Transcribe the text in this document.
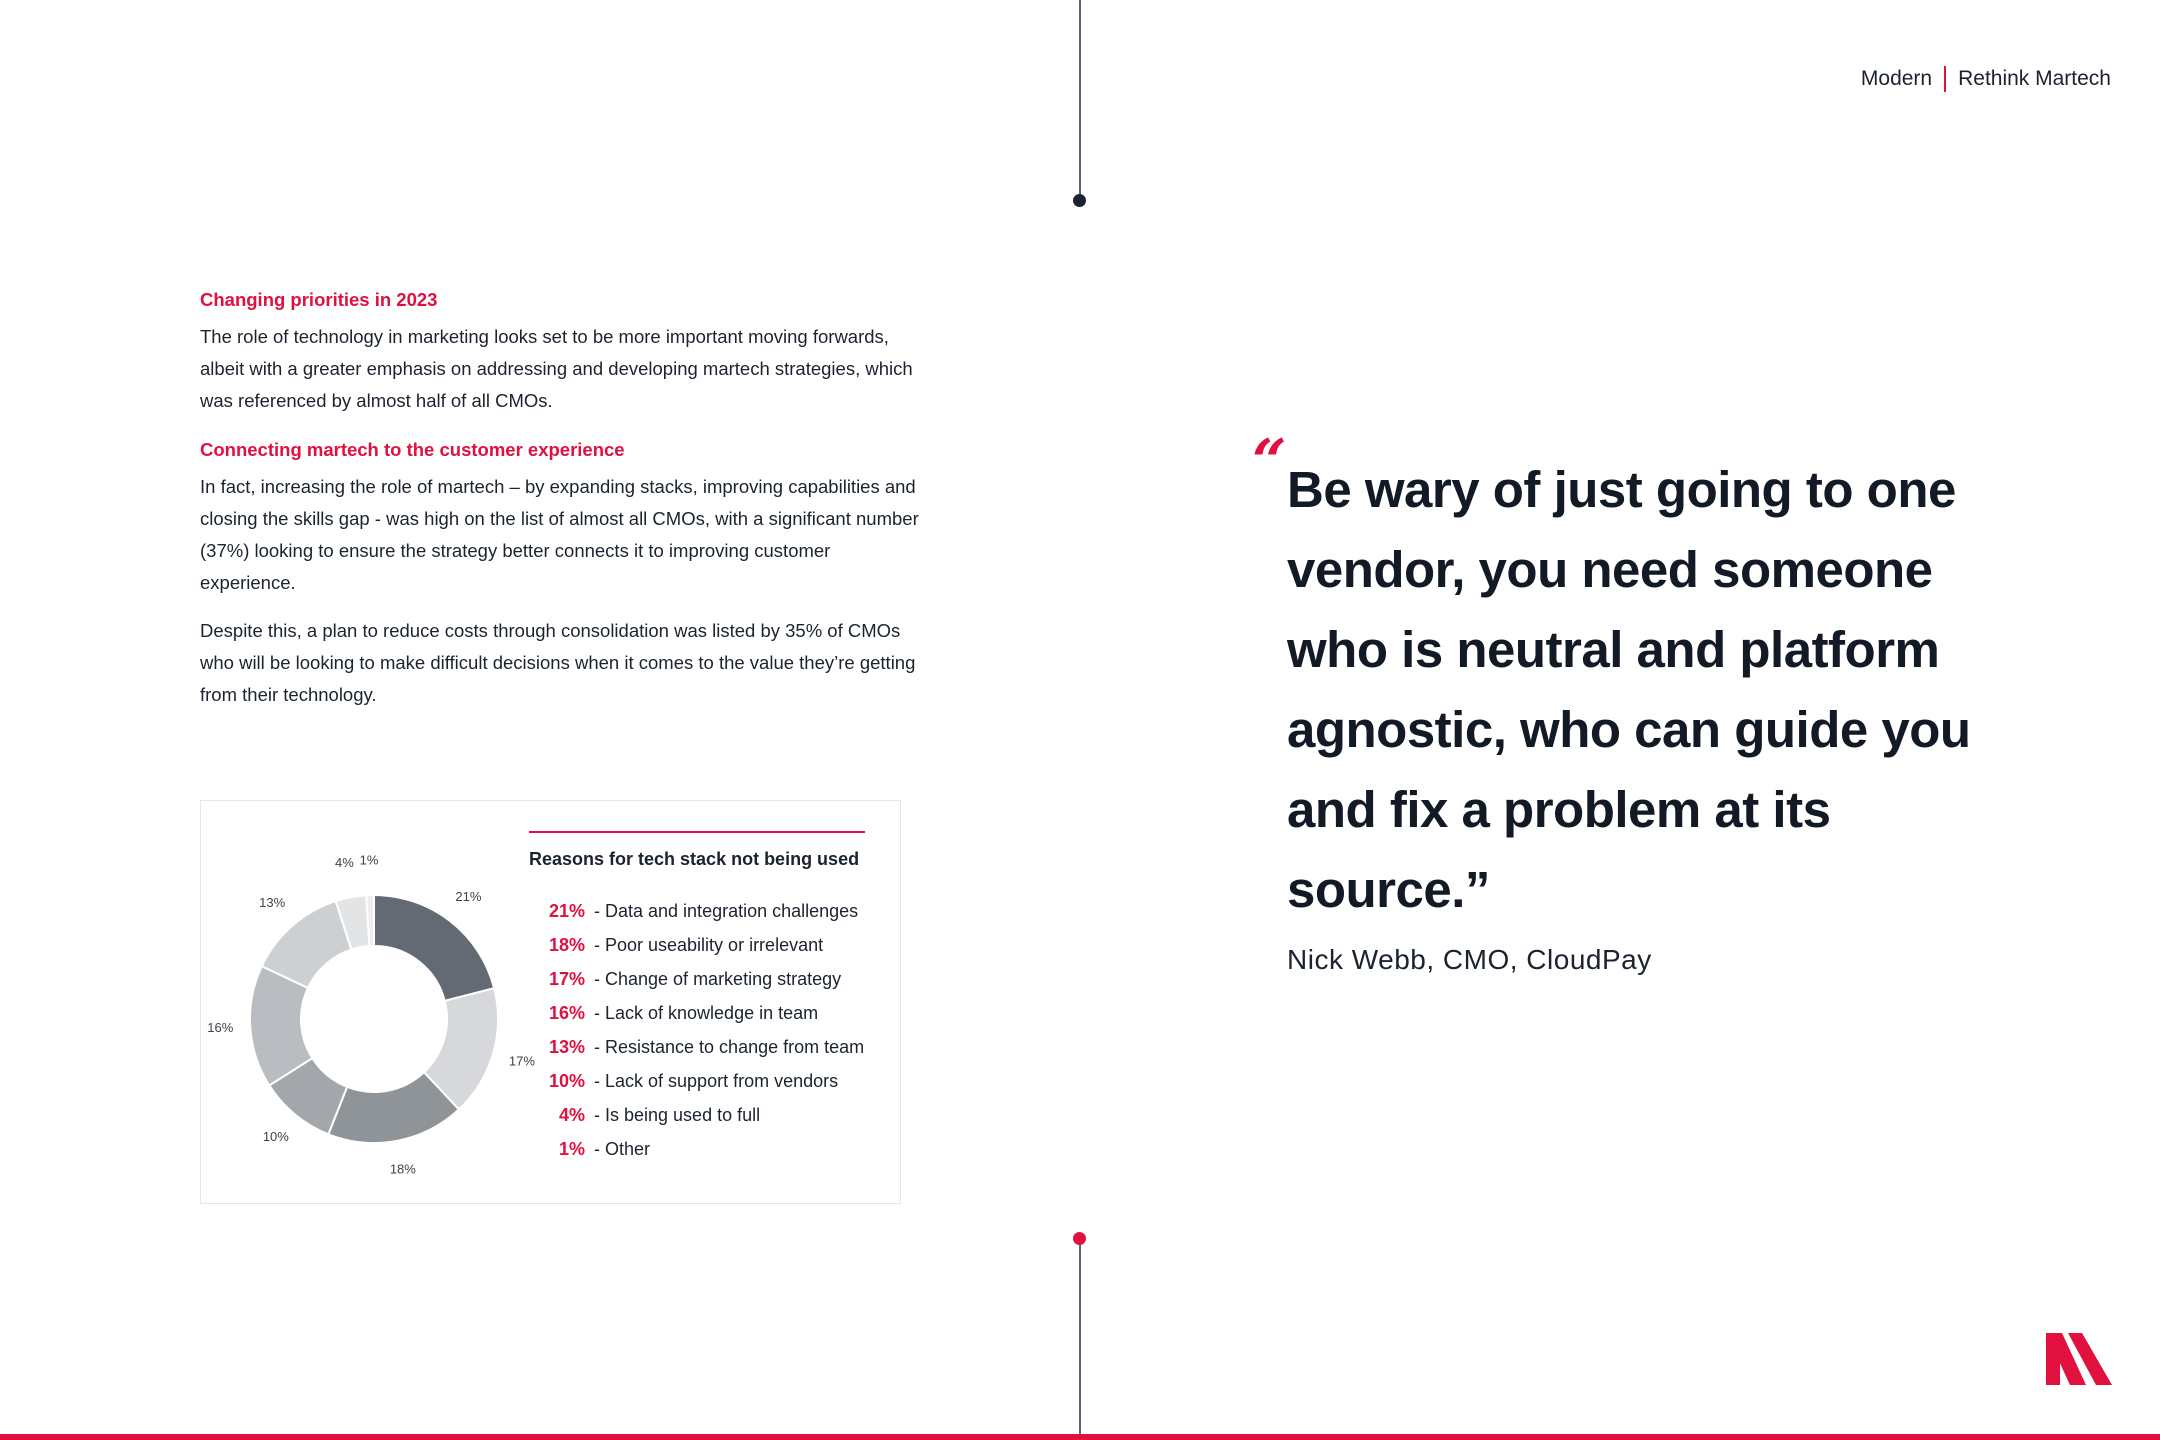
Modern Rethink Martech
Changing priorities in 2023

The role of technology in marketing looks set to be more important moving forwards, albeit with a greater emphasis on addressing and developing martech strategies, which was referenced by almost half of all CMOs.

Connecting martech to the customer experience

In fact, increasing the role of martech – by expanding stacks, improving capabilities and closing the skills gap - was high on the list of almost all CMOs, with a significant number (37%) looking to ensure the strategy better connects it to improving customer experience.

Despite this, a plan to reduce costs through consolidation was listed by 35% of CMOs who will be looking to make difficult decisions when it comes to the value they’re getting from their technology.

21%
17%
18%
10%
16%
13%
4% 1%	Reasons for tech stack not being used
21% - Data and integration challenges
18% - Poor useability or irrelevant
17% - Change of marketing strategy
16% - Lack of knowledge in team
13% - Resistance to change from team
10% - Lack of support from vendors
4% - Is being used to full
1% - Other
“ Be wary of just going to one vendor, you need someone who is neutral and platform agnostic, who can guide you and fix a problem at its source.”

Nick Webb, CMO, CloudPay
